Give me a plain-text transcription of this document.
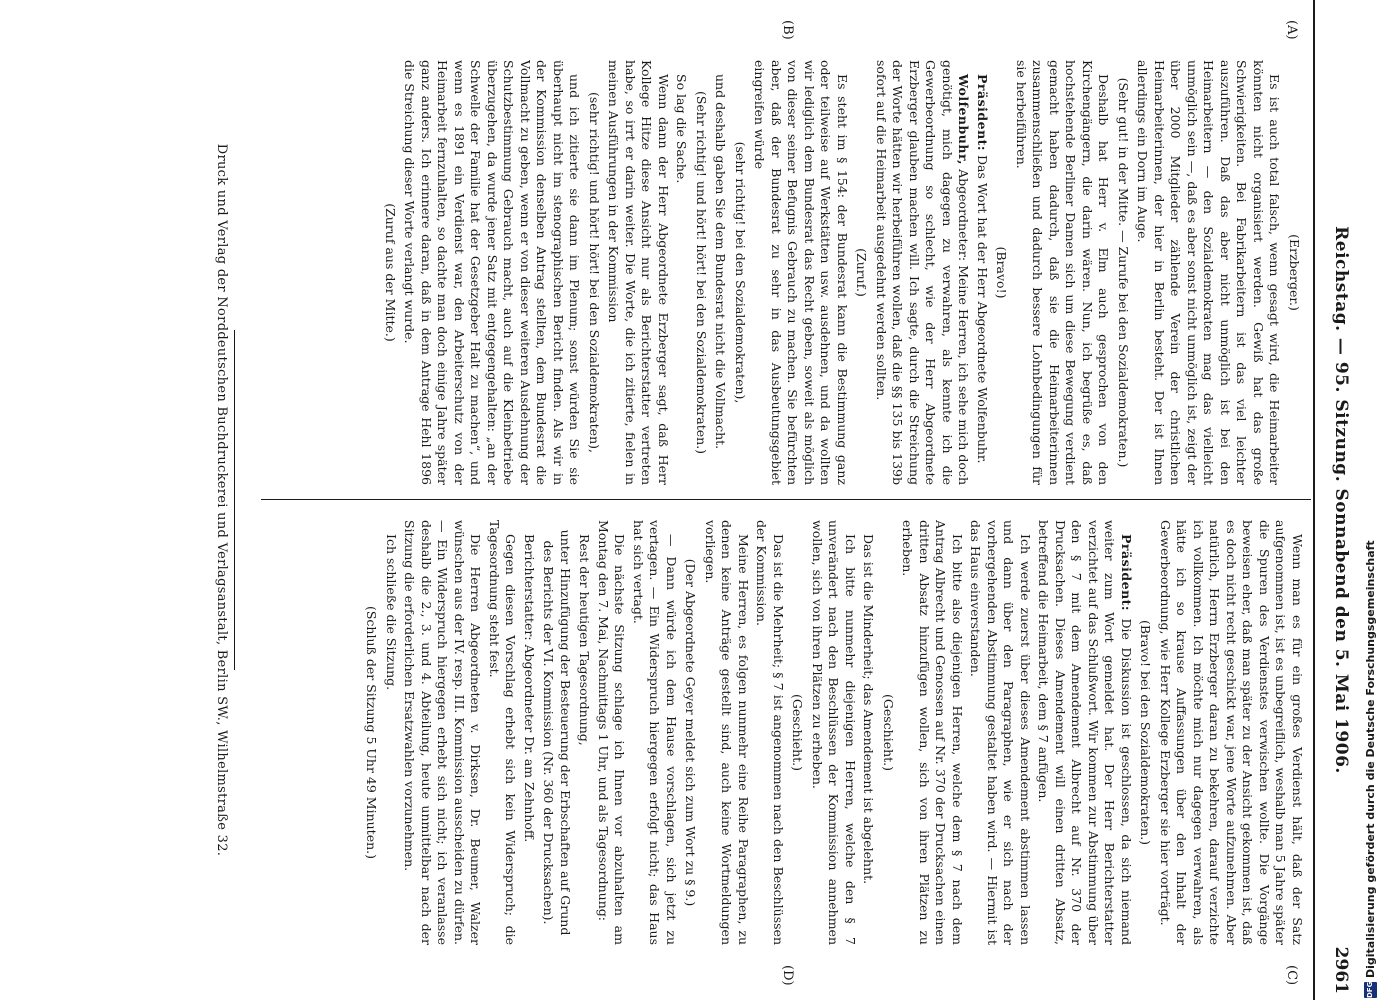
Reichstag. — 95. Sitzung. Sonnabend den 5. Mai 1906.
2961
(A)
(B)
(C)
(D)

(Erzberger.)

Es ist auch total falsch, wenn gesagt wird, die Heimarbeiter könnten nicht organisiert werden. Gewiß hat das große Schwierigkeiten. Bei Fabrikarbeitern ist das viel leichter auszuführen. Daß das aber nicht unmöglich ist bei den Heimarbeitern — den Sozialdemokraten mag das vielleicht unmöglich sein —, daß es aber sonst nicht unmöglich ist, zeigt der über 2000 Mitglieder zählende Verein der christlichen Heimarbeiterinnen, der hier in Berlin besteht. Der ist Ihnen allerdings ein Dorn im Auge.

(Sehr gut! in der Mitte. — Zurufe bei den Sozialdemokraten.)

Deshalb hat Herr v. Elm auch gesprochen von den Kirchengängern, die darin wären. Nun, ich begrüße es, daß hochstehende Berliner Damen sich um diese Bewegung verdient gemacht haben dadurch, daß sie die Heimarbeiterinnen zusammenschließen und dadurch bessere Lohnbedingungen für sie herbeiführen.

(Bravo!)

Präsident: Das Wort hat der Herr Abgeordnete Wolfenbuhr.

Wolfenbuhr, Abgeordneter: Meine Herren, ich sehe mich doch genötigt, mich dagegen zu verwahren, als kennte ich die Gewerbeordnung so schlecht, wie der Herr Abgeordnete Erzberger glauben machen will. Ich sagte, durch die Streichung der Worte hätten wir herbeiführen wollen, daß die §§ 135 bis 139b sofort auf die Heimarbeit ausgedehnt werden sollten.

(Zuruf.)

Es steht im § 154: der Bundesrat kann die Bestimmung ganz oder teilweise auf Werkstätten usw. ausdehnen, und da wollten wir lediglich dem Bundesrat das Recht geben, soweit als möglich von dieser seiner Befugnis Gebrauch zu machen. Sie befürchten aber, daß der Bundesrat zu sehr in das Ausbeutungsgebiet eingreifen würde

(sehr richtig! bei den Sozialdemokraten),

und deshalb gaben Sie dem Bundesrat nicht die Vollmacht.

(Sehr richtig! und hört! hört! bei den Sozialdemokraten.)

So lag die Sache.

Wenn dann der Herr Abgeordnete Erzberger sagt, daß Herr Kollege Hitze diese Ansicht nur als Berichterstatter vertreten habe, so irrt er darin weiter. Die Worte, die ich zitierte, fielen in meinen Ausführungen in der Kommission

(sehr richtig! und hört! hört! bei den Sozialdemokraten),

und ich zitierte sie dann im Plenum; sonst würden Sie sie überhaupt nicht im stenographischen Bericht finden. Als wir in der Kommission denselben Antrag stellten, dem Bundesrat die Vollmacht zu geben, wenn er von dieser weiteren Ausdehnung der Schutzbestimmung Gebrauch macht, auch auf die Kleinbetriebe überzugehen, da wurde jener Satz mit entgegengehalten: „an der Schwelle der Familie hat der Gesetzgeber Halt zu machen“, und wenn es 1891 ein Verdienst war, den Arbeiterschutz von der Heimarbeit fernzuhalten, so dachte man doch einige Jahre später ganz anders. Ich erinnere daran, daß in dem Antrage Hehl 1896 die Streichung dieser Worte verlangt wurde.

(Zuruf aus der Mitte.)

Wenn man es für ein großes Verdienst hält, daß der Satz aufgenommen ist, ist es unbegreiflich, weshalb man 5 Jahre später die Spuren des Verdienstes verwischen wollte. Die Vorgänge beweisen eher, daß man später zu der Ansicht gekommen ist, daß es doch nicht recht geschickt war, jene Worte aufzunehmen. Aber natürlich, Herrn Erzberger daran zu bekehren, darauf verzichte ich vollkommen. Ich möchte mich nur dagegen verwahren, als hätte ich so krause Auffassungen über den Inhalt der Gewerbeordnung, wie Herr Kollege Erzberger sie hier vorträgt.

(Bravo! bei den Sozialdemokraten.)

Präsident: Die Diskussion ist geschlossen, da sich niemand weiter zum Wort gemeldet hat. Der Herr Berichterstatter verzichtet auf das Schlußwort. Wir kommen zur Abstimmung über den § 7 mit dem Amendement Albrecht auf Nr. 370 der Drucksachen. Dieses Amendement will einen dritten Absatz, betreffend die Heimarbeit, dem § 7 anfügen.

Ich werde zuerst über dieses Amendement abstimmen lassen und dann über den Paragraphen, wie er sich nach der vorhergehenden Abstimmung gestaltet haben wird. — Hiermit ist das Haus einverstanden.

Ich bitte also diejenigen Herren, welche dem § 7 nach dem Antrag Albrecht und Genossen auf Nr. 370 der Drucksachen einen dritten Absatz hinzufügen wollen, sich von ihren Plätzen zu erheben.

(Geschieht.)

Das ist die Minderheit; das Amendement ist abgelehnt.

Ich bitte nunmehr diejenigen Herren, welche den § 7 unverändert nach den Beschlüssen der Kommission annehmen wollen, sich von ihren Plätzen zu erheben.

(Geschieht.)

Das ist die Mehrheit; § 7 ist angenommen nach den Beschlüssen der Kommission.

Meine Herren, es folgen nunmehr eine Reihe Paragraphen, zu denen keine Anträge gestellt sind, auch keine Wortmeldungen vorliegen.

(Der Abgeordnete Geyer meldet sich zum Wort zu § 9.)

— Dann würde ich dem Hause vorschlagen, sich jetzt zu vertagen. — Ein Widerspruch hiergegen erfolgt nicht; das Haus hat sich vertagt.

Die nächste Sitzung schlage ich Ihnen vor abzuhalten am Montag den 7. Mai, Nachmittags 1 Uhr, und als Tagesordnung:

Rest der heutigen Tagesordnung,

unter Hinzufügung der Besteuerung der Erbschaften auf Grund des Berichts der VI. Kommission (Nr. 360 der Drucksachen).

Berichterstatter: Abgeordneter Dr. am Zehnhoff.

Gegen diesen Vorschlag erhebt sich kein Widerspruch; die Tagesordnung steht fest.

Die Herren Abgeordneten v. Dirksen, Dr. Beumer, Walzer wünschen aus der IV. resp. III. Kommission ausscheiden zu dürfen. — Ein Widerspruch hiergegen erhebt sich nicht; ich veranlasse deshalb die 2., 3. und 4. Abteilung, heute unmittelbar nach der Sitzung die erforderlichen Ersatzwahlen vorzunehmen.

Ich schließe die Sitzung.

(Schluß der Sitzung 5 Uhr 49 Minuten.)

Druck und Verlag der Norddeutschen Buchdruckerei und Verlagsanstalt, Berlin SW., Wilhelmstraße 32.
DFG
Digitalisierung gefördert durch die Deutsche Forschungsgemeinschaft
